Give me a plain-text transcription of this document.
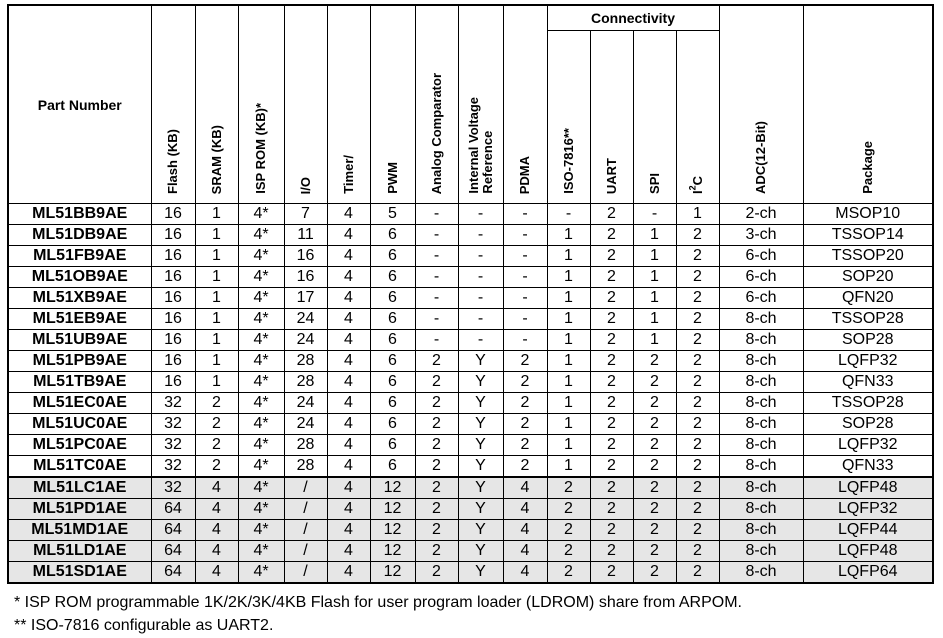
Part Number	Flash (KB)	SRAM (KB)	ISP ROM (KB)*	I/O	Timer/	PWM	Analog Comparator	Internal Voltage Reference	PDMA	Connectivity				ADC(12-Bit)	Package
										ISO-7816**	UART	SPI	$I^2C$		
ML51BB9AE	16	1	4*	7	4	5	-	-	-	-	2	-	1	2-ch	MSOP10
ML51DB9AE	16	1	4*	11	4	6	-	-	-	1	2	1	2	3-ch	TSSOP14
ML51FB9AE	16	1	4*	16	4	6	-	-	-	1	2	1	2	6-ch	TSSOP20
ML51OB9AE	16	1	4*	16	4	6	-	-	-	1	2	1	2	6-ch	SOP20
ML51XB9AE	16	1	4*	17	4	6	-	-	-	1	2	1	2	6-ch	QFN20
ML51EB9AE	16	1	4*	24	4	6	-	-	-	1	2	1	2	8-ch	TSSOP28
ML51UB9AE	16	1	4*	24	4	6	-	-	-	1	2	1	2	8-ch	SOP28
ML51PB9AE	16	1	4*	28	4	6	2	Y	2	1	2	2	2	8-ch	LQFP32
ML51TB9AE	16	1	4*	28	4	6	2	Y	2	1	2	2	2	8-ch	QFN33
ML51EC0AE	32	2	4*	24	4	6	2	Y	2	1	2	2	2	8-ch	TSSOP28
ML51UC0AE	32	2	4*	24	4	6	2	Y	2	1	2	2	2	8-ch	SOP28
ML51PC0AE	32	2	4*	28	4	6	2	Y	2	1	2	2	2	8-ch	LQFP32
ML51TC0AE	32	2	4*	28	4	6	2	Y	2	1	2	2	2	8-ch	QFN33
ML51LC1AE	32	4	4*	/	4	12	2	Y	4	2	2	2	2	8-ch	LQFP48
ML51PD1AE	64	4	4*	/	4	12	2	Y	4	2	2	2	2	8-ch	LQFP32
ML51MD1AE	64	4	4*	/	4	12	2	Y	4	2	2	2	2	8-ch	LQFP44
ML51LD1AE	64	4	4*	/	4	12	2	Y	4	2	2	2	2	8-ch	LQFP48
ML51SD1AE	64	4	4*	/	4	12	2	Y	4	2	2	2	2	8-ch	LQFP64
* ISP ROM programmable 1K/2K/3K/4KB Flash for user program loader (LDROM) share from ARPOM.
** ISO-7816 configurable as UART2.
